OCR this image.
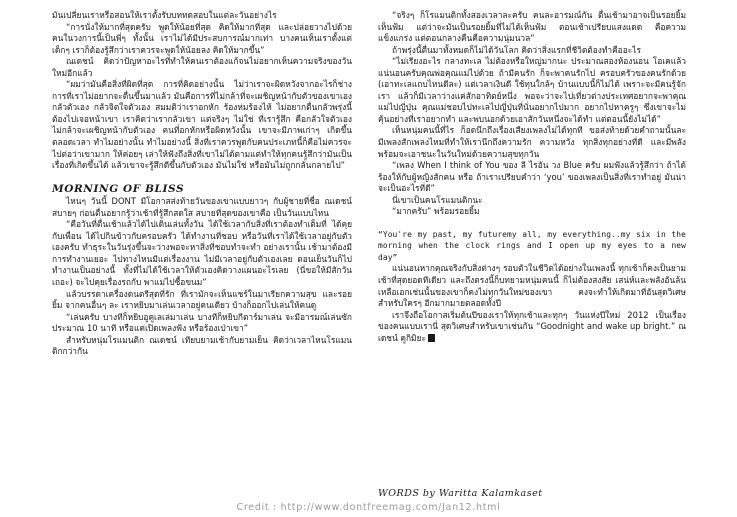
มันเปลี่ยนเราหรือสอนให้เราตั้งรับบททดสอบในแต่ละวันอย่างไร

“การนั่งให้มากที่สุดครับ พูดให้น้อยที่สุด คิดให้มากที่สุด และปล่อยวางไปด้วย คนในวงการนี้เป็นพี่ๆ ทั้งนั้น เราไม่ได้มีประสบการณ์มากเท่า บางคนเห็นเราตั้งแต่เด็กๆ เราก็ต้องรู้สึกว่าเราควรจะพูดให้น้อยลง คิดให้มากขึ้น”

ณเดชน์ คิดว่าปัญหาอะไรที่ทำให้คนเราต้องแก้จนไม่อยากเห็นความจริงของวันใหม่อีกแล้ว

“ผมว่ามันคือสิ่งที่ผิดที่สุด การที่คิดอย่างนั้น ไม่ว่าเราจะผิดหวังจากอะไรก็ช่าง การที่เราไม่อยากจะตื่นขึ้นมาแล้ว มันคือการที่ไม่กล้าที่จะเผชิญหน้ากับตัวของเขาเอง กลัวตัวเอง กลัวจิตใจตัวเอง สมมติว่าเราอกหัก ร้องห่มร้องไห้ ไม่อยากตื่นกลัวพรุ่งนี้ต้องไปเจอหน้าเขา เราคิดว่าเรากลัวเขา แต่จริงๆ ไม่ใช่ ที่เรารู้สึก คือกลัวใจตัวเอง ไม่กล้าจะเผชิญหน้ากับตัวเอง คนที่อกหักหรือผิดหวังนั้น เขาจะมีภาพเก่าๆ เกิดขึ้นตลอดเวลา ทำไมอย่างนั้น ทำไมอย่างนี้ สิ่งที่เราควรพูดกับคนประเภทนี้ก็คือไม่ควรจะไปต่อว่าเขามาก ให้ค่อยๆ เล่าให้ฟังถึงสิ่งที่เขาไม่ได้ตามแต่ทำให้ทุกคนรู้สึกว่ามันเป็นเรื่องที่เกิดขึ้นได้ แล้วเขาจะรู้สึกดีขึ้นกับตัวเอง มันไม่ใช่ หรือมันไม่ถูกกลั่นกลายไป”

MORNING OF BLISS

ไหนๆ วันนี้ DONT มีโอกาสส่งท้ายวันของเขาแบบยาวๆ กับผู้ชายที่ชื่อ ณเดชน์ สบายๆ ก่อนตื่นอยากรู้ว่าเช้าที่รู้สึกสดใส สบายที่สุดของเขาคือ เป็นวันแบบไหน

“คือวันที่ตื่นเช้าแล้วได้ไปเดินเล่นทั้งวัน ได้ใช้เวลากับสิ่งที่เราต้องทำเต็มที่ ได้คุยกับเพื่อน ได้ไปกินข้าวกับครอบครัว ได้ทำงานที่ชอบ หรือวันที่เราได้ใช้เวลาอยู่กับตัวเองครับ ทำธุระในวันรุ่งขึ้นจะว่างพอจะหาสิ่งที่ชอบทำจะทำ อย่างเรานั้น เช้ามาต้องมีการทำงานเยอะ ไปทางไหนมีแต่เรื่องงาน ไม่มีเวลาอยู่กับตัวเองเลย ตอนเย็นวันก็ไปทำงานเป็นอย่างนี้ ทั้งที่ไม่ได้ใช้เวลาให้ตัวเองคิดวางแผนอะไรเลย (นี่ขอให้มีสักวันเถอะ) จะไปคุยเรื่องรถกับ พาแม่ไปซื้อขนม”

แล้วบรรดาเครื่องดนตรีสุดที่รัก ที่เรามักจะเห็นแชร์ในมาเรียกความสุข และรอยยิ้ม จากคนอื่นๆ ละ เราหยิบมาเล่นเวลาอยู่คนเดียว บ้างก็ออกไปเล่นให้คนดู

“เล่นครับ บางทีก็หยิบอูคูเลเล่มาเล่น บางทีก็หยิบกีตาร์มาเล่น จะมีอารมณ์เล่นซักประมาณ 10 นาที หรือแค่เปิดเพลงฟัง หรือร้องเป่าเขา”

สำหรับหนุ่มโรแมนติก ณเดชน์ เทียบยามเช้ากับยามเย็น คิดว่าเวลาไหนโรแมนติกกว่ากัน

“จริงๆ ก็โรแมนติกทั้งสองเวลาละครับ คนละอารมณ์กัน ตื่นเช้ามาอาจเป็นรอยยิ้มเห็นฟ้ม แต่ว่าจะมันเป็นรอยยิ้มที่ไม่ได้เห็นฟ้ม ตอนเช้าเปรียบแสงแดด คือความแข็งแกร่ง แต่ตอนกลางคืนคือความนุ่มนวล”

ถ้าพรุ่งนี้ตื่นมาทั้งหมดก็ไม่ได้วันโลก คิดว่าสิ่งแรกที่ชีวิตต้องทำคืออะไร

“ไม่เรียงอะไร กลางทะเล ไม่ต้องหรือใหญ่มากนะ ประมาณสองห้องนอน โอเคแล้ว แน่นอนครับคุณพ่อคุณแม่ไปด้วย ถ้ามีคนรัก ก็จะพาคนรักไป ครอบครัวของคนรักด้วย (เอาทะเลแถบไหนดีละ) แต่เวลาเงินดี ใช้ทุนใกล้ๆ บ้านแบบนี้ก็ไม่ได้ เพราะจะมีคนรู้จักเรา แล้วก็มีเวลาว่างแค่สักอาทิตย์หนึ่ง พอจะว่าจะไปเที่ยวต่างประเทศอยากจะพาคุณแม่ไปญี่ปุ่น คุณแม่ชอบไปทะเลไปญี่ปุ่นที่นั่นอยากไปมาก อยากไปหาครูๆ ซึ่งเขาจะไม่คุ้นอย่างที่เราอยากทำ และพบนอกด้วยเอาสักวันหนึ่งจะได้ทำ แต่ตอนนี้ยังไม่ได้”

เห็นหนุ่มคนนี้ที่ไร ก็อดนึกถึงเรื่องเสียงเพลงไม่ได้ทุกที ขอส่งท้ายด้วยคำถามนั้นละ มีเพลงสักเพลงไหมที่ทำให้เรานึกถึงความรัก ความหวัง ทุกสิ่งทุกอย่างที่ดี และมีพลังพร้อมจะเอาชนะในวันใหม่ด้วยความสุขทุกวัน

“เพลง When I think of You ของ ลี ไรอัน วง Blue ครับ ผมฟังแล้วรู้สึกว่า ถ้าได้ร้องให้กับผู้หญิงสักคน หรือ ถ้าเราเปรียบคำว่า ‘you’ ของเพลงเป็นสิ่งที่เราทำอยู่ มันน่าจะเป็นอะไรที่ดี”

นี่เขาเป็นคนโรแมนติกนะ

“มากครับ” พร้อมรอยยิ้ม

“You're my past, my futuremy all, my everything..my six in the morning when the clock rings and I open up my eyes to a new day”

แน่นอนหากคุณจริงกับสิ่งต่างๆ รอบตัวในชีวิตได้อย่างในเพลงนี้ ทุกเช้าก็คงเป็นยามเช้าที่สุดยอดทีเดียว และถึงตรงนี้ก็บทยามหนุ่มคนนี้ ก็ไม่ต้องสงสัย เสน่ห์และพลังอันล้นเหลือเอกเช่นนั้นของเขาก็คงไม่ทุกวันใหม่ของเขา คงจะทำให้เกิดมาที่อันสุดวิเศษสำหรับใครๆ อีกมากมายตลอดทั้งปี

เราจึงถือโอกาสเริ่มต้นปีของเราให้ทุกเช้าและทุกๆ วันแห่งปีใหม่ 2012 เป็นเรื่องของคนแบบเรานี่ สุดวิเศษสำหรับเขาเช่นกัน “Goodnight and wake up bright.” ณเดชน์ คูกิมิยะ

WORDS by Waritta Kalamkaset
Credit : http://www.dontfreemag.com/Jan12.html
